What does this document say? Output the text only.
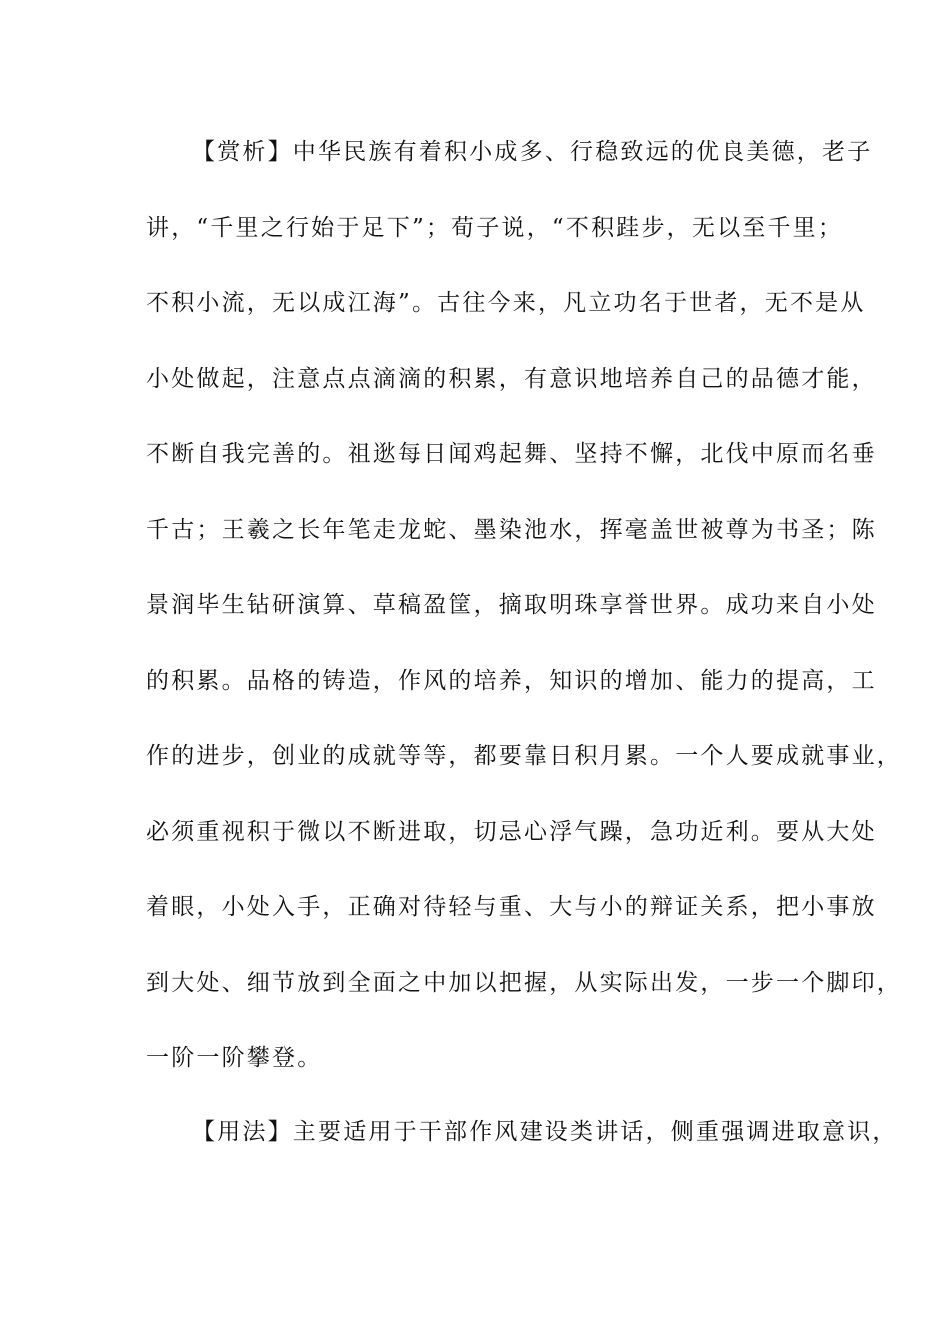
【赏析】中华民族有着积小成多、行稳致远的优良美德，老子
讲，“千里之行始于足下”；荀子说，“不积跬步，无以至千里；
不积小流，无以成江海”。古往今来，凡立功名于世者，无不是从
小处做起，注意点点滴滴的积累，有意识地培养自己的品德才能，
不断自我完善的。祖逖每日闻鸡起舞、坚持不懈，北伐中原而名垂
千古；王羲之长年笔走龙蛇、墨染池水，挥毫盖世被尊为书圣；陈
景润毕生钻研演算、草稿盈筐，摘取明珠享誉世界。成功来自小处
的积累。品格的铸造，作风的培养，知识的增加、能力的提高，工
作的进步，创业的成就等等，都要靠日积月累。一个人要成就事业，
必须重视积于微以不断进取，切忌心浮气躁，急功近利。要从大处
着眼，小处入手，正确对待轻与重、大与小的辩证关系，把小事放
到大处、细节放到全面之中加以把握，从实际出发，一步一个脚印，
一阶一阶攀登。
【用法】主要适用于干部作风建设类讲话，侧重强调进取意识，
